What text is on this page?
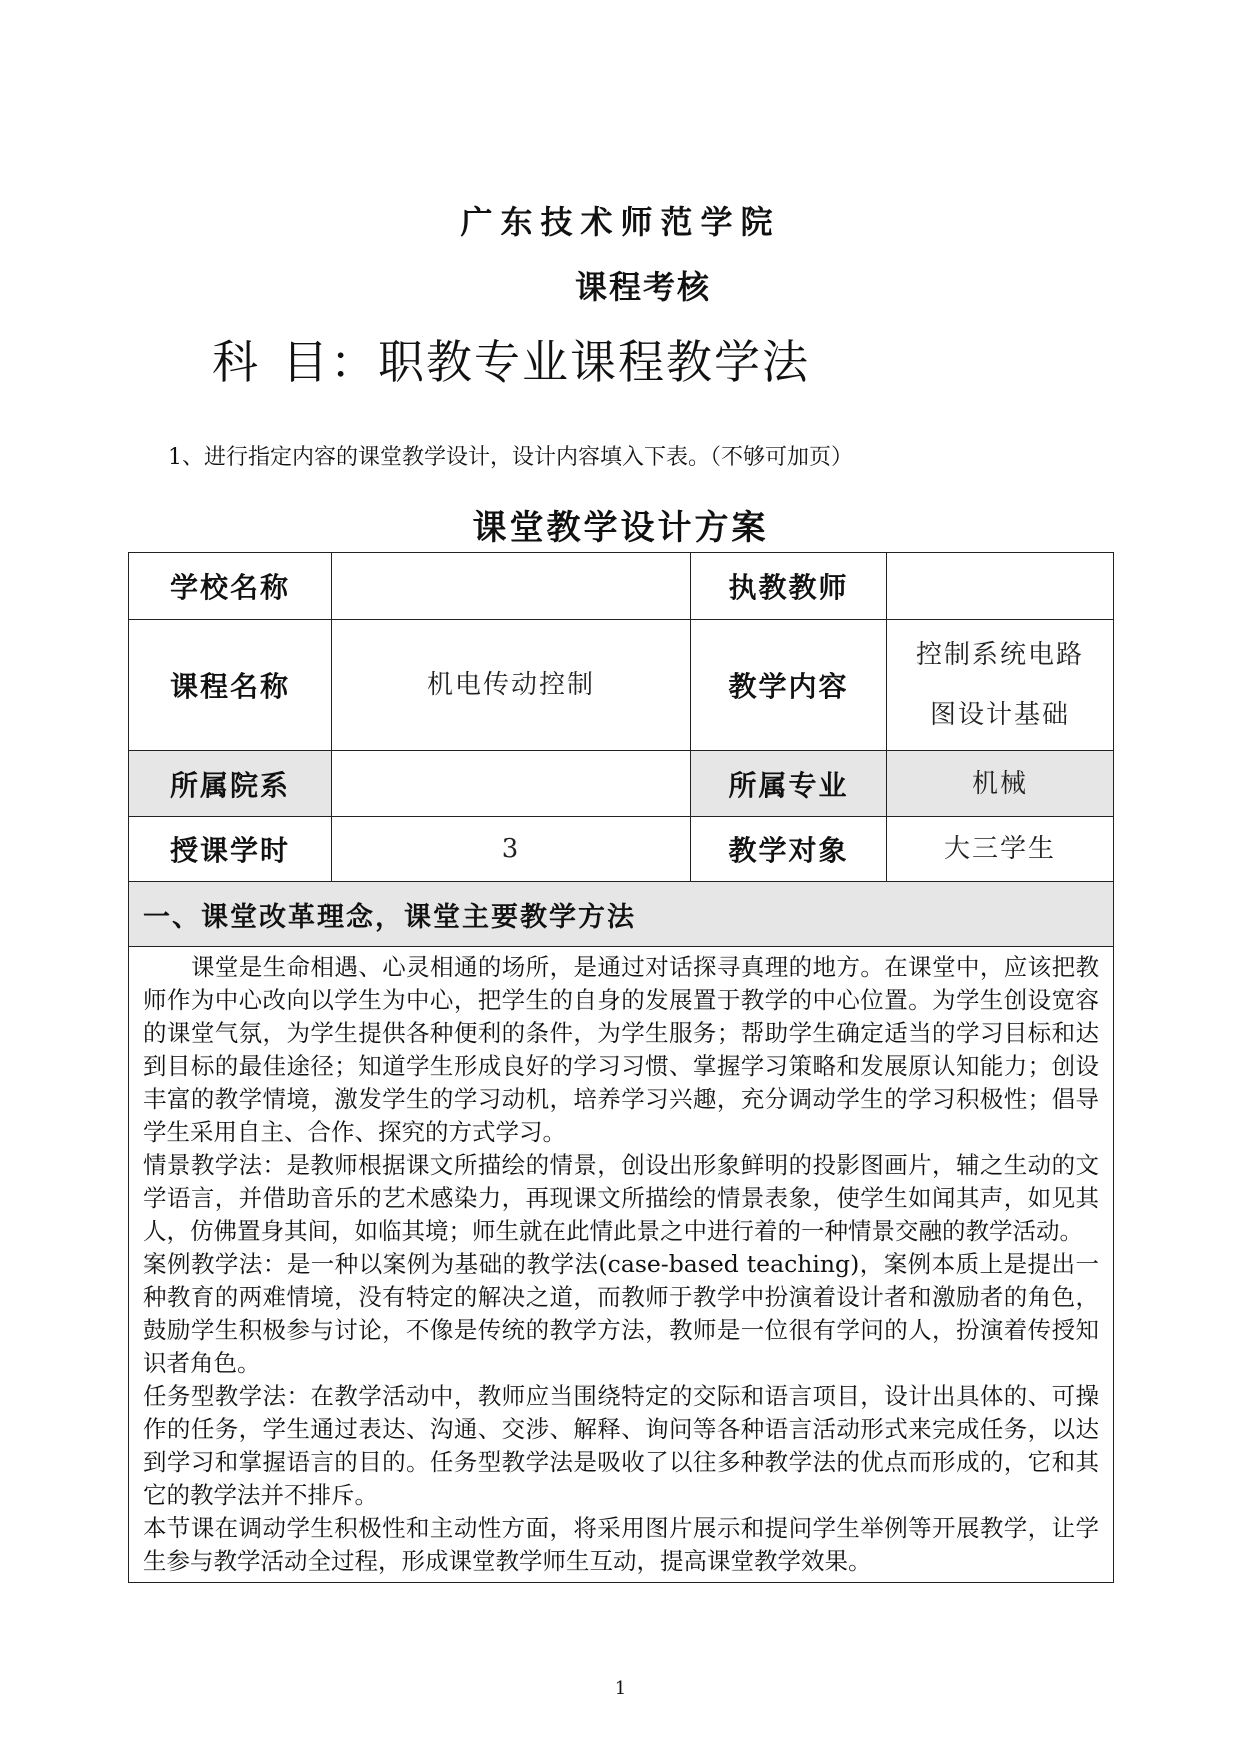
广东技术师范学院
课程考核
科 目：职教专业课程教学法
1、进行指定内容的课堂教学设计，设计内容填入下表。（不够可加页）
课堂教学设计方案
学校名称		执教教师	
课程名称	机电传动控制	教学内容	控制系统电路
图设计基础

所属院系		所属专业	机械
授课学时	3	教学对象	大三学生
一、课堂改革理念，课堂主要教学方法			

课堂是生命相遇、心灵相通的场所，是通过对话探寻真理的地方。在课堂中，应该把教师作为中心改向以学生为中心，把学生的自身的发展置于教学的中心位置。为学生创设宽容的课堂气氛，为学生提供各种便利的条件，为学生服务；帮助学生确定适当的学习目标和达到目标的最佳途径；知道学生形成良好的学习习惯、掌握学习策略和发展原认知能力；创设丰富的教学情境，激发学生的学习动机，培养学习兴趣，充分调动学生的学习积极性；倡导学生采用自主、合作、探究的方式学习。

情景教学法：是教师根据课文所描绘的情景，创设出形象鲜明的投影图画片，辅之生动的文学语言，并借助音乐的艺术感染力，再现课文所描绘的情景表象，使学生如闻其声，如见其人，仿佛置身其间，如临其境；师生就在此情此景之中进行着的一种情景交融的教学活动。

案例教学法：是一种以案例为基础的教学法(case-based teaching)，案例本质上是提出一种教育的两难情境，没有特定的解决之道，而教师于教学中扮演着设计者和激励者的角色，鼓励学生积极参与讨论，不像是传统的教学方法，教师是一位很有学问的人，扮演着传授知识者角色。

任务型教学法：在教学活动中，教师应当围绕特定的交际和语言项目，设计出具体的、可操作的任务，学生通过表达、沟通、交涉、解释、询问等各种语言活动形式来完成任务，以达到学习和掌握语言的目的。任务型教学法是吸收了以往多种教学法的优点而形成的，它和其它的教学法并不排斥。

本节课在调动学生积极性和主动性方面，将采用图片展示和提问学生举例等开展教学，让学生参与教学活动全过程，形成课堂教学师生互动，提高课堂教学效果。			

1
